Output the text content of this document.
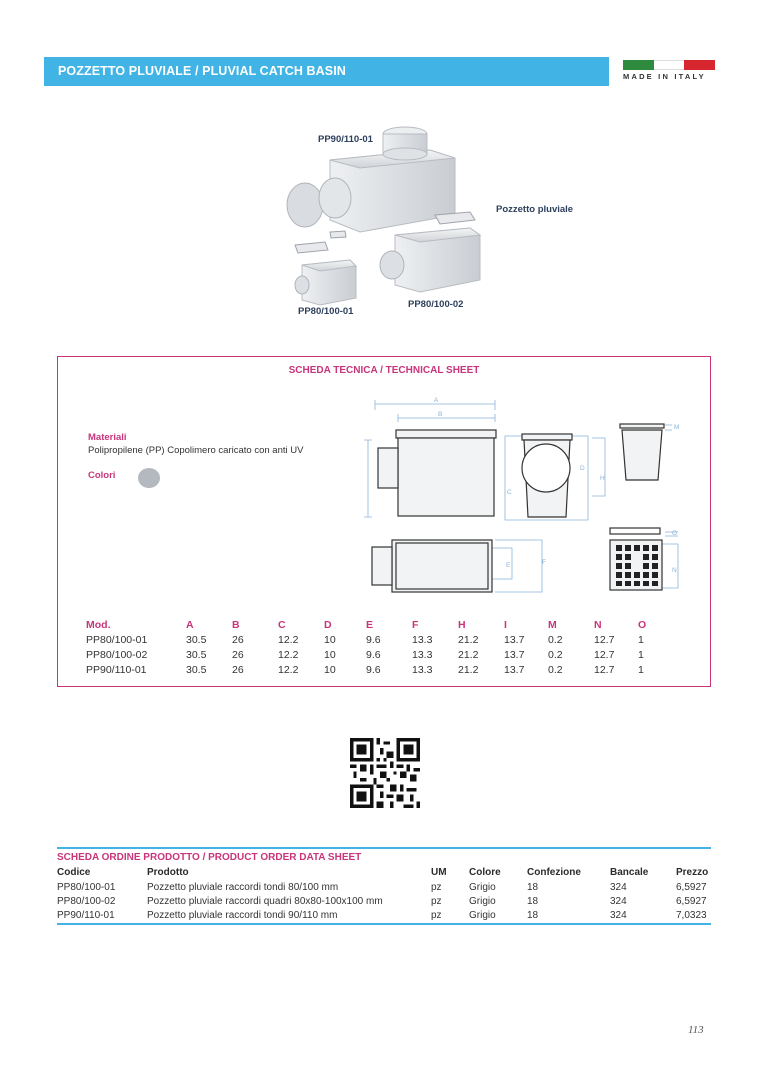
POZZETTO PLUVIALE / PLUVIAL CATCH BASIN	MADE IN ITALY
PP90/110-01
Pozzetto pluviale
PP80/100-01
PP80/100-02
SCHEDA TECNICA / TECHNICAL SHEET
Materiali
Polipropilene (PP) Copolimero caricato con anti UV
Colori
Mod.	A	B	C	D	E	F	H	I	M	N	O
PP80/100-01	30.5	26	12.2	10	9.6	13.3	21.2	13.7	0.2	12.7	1
PP80/100-02	30.5	26	12.2	10	9.6	13.3	21.2	13.7	0.2	12.7	1
PP90/110-01	30.5	26	12.2	10	9.6	13.3	21.2	13.7	0.2	12.7	1
A
B
C
D
E	F
H
M
N
O
SCHEDA ORDINE PRODOTTO / PRODUCT ORDER DATA SHEET
Codice	Prodotto	UM	Colore	Confezione	Bancale	Prezzo
PP80/100-01	Pozzetto pluviale raccordi tondi 80/100 mm	pz	Grigio	18	324	6,5927
PP80/100-02	Pozzetto pluviale raccordi quadri 80x80-100x100 mm	pz	Grigio	18	324	6,5927
PP90/110-01	Pozzetto pluviale raccordi tondi 90/110 mm	pz	Grigio	18	324	7,0323
113
